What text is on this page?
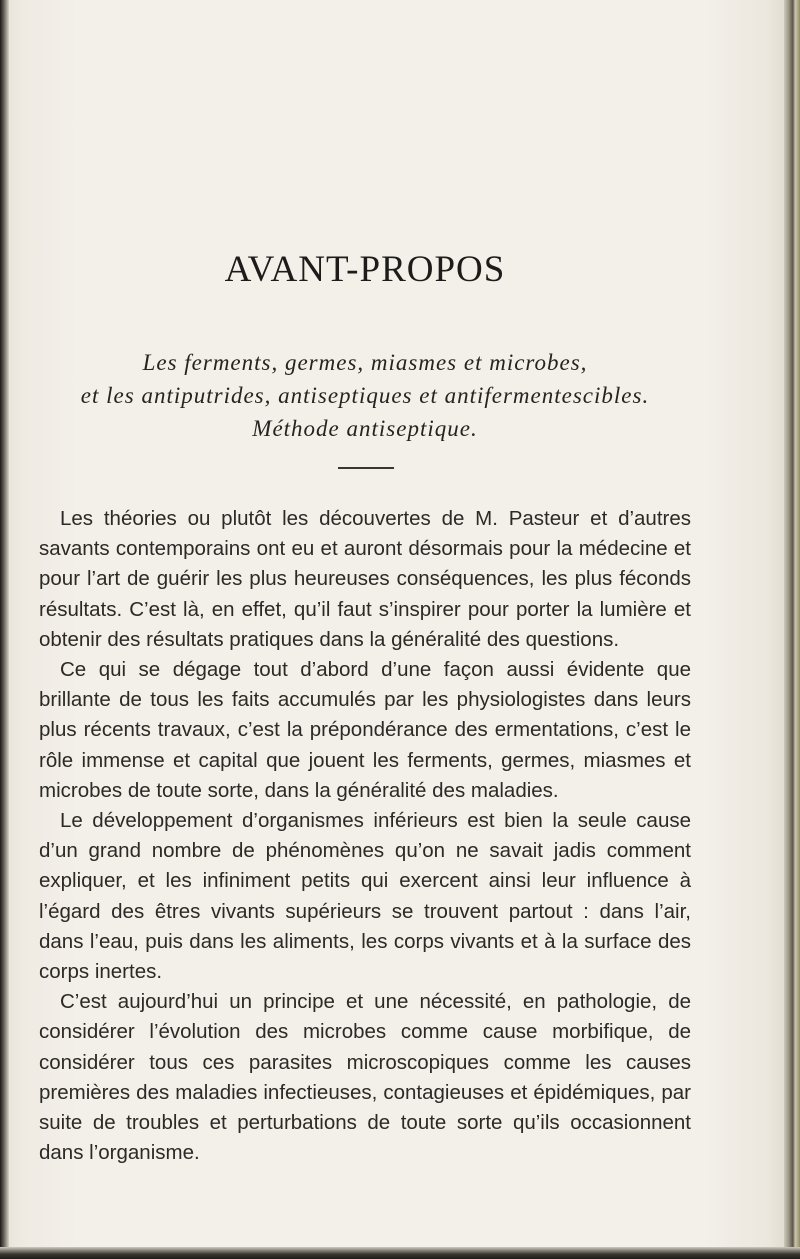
AVANT-PROPOS
Les ferments, germes, miasmes et microbes,
et les antiputrides, antiseptiques et antifermentescibles.
Méthode antiseptique.

Les théories ou plutôt les découvertes de M. Pasteur et d’autres savants contemporains ont eu et auront désormais pour la médecine et pour l’art de guérir les plus heureuses conséquences, les plus féconds résultats. C’est là, en effet, qu’il faut s’inspirer pour porter la lumière et obtenir des résultats pratiques dans la généralité des questions.

Ce qui se dégage tout d’abord d’une façon aussi évidente que brillante de tous les faits accumulés par les physiologistes dans leurs plus récents travaux, c’est la prépondérance des ermentations, c’est le rôle immense et capital que jouent les ferments, germes, miasmes et microbes de toute sorte, dans la généralité des maladies.

Le développement d’organismes inférieurs est bien la seule cause d’un grand nombre de phénomènes qu’on ne savait jadis comment expliquer, et les infiniment petits qui exercent ainsi leur influence à l’égard des êtres vivants supérieurs se trouvent partout : dans l’air, dans l’eau, puis dans les aliments, les corps vivants et à la surface des corps inertes.

C’est aujourd’hui un principe et une nécessité, en pathologie, de considérer l’évolution des microbes comme cause morbifique, de considérer tous ces parasites microscopiques comme les causes premières des maladies infectieuses, contagieuses et épidémiques, par suite de troubles et perturbations de toute sorte qu’ils occasionnent dans l’organisme.
